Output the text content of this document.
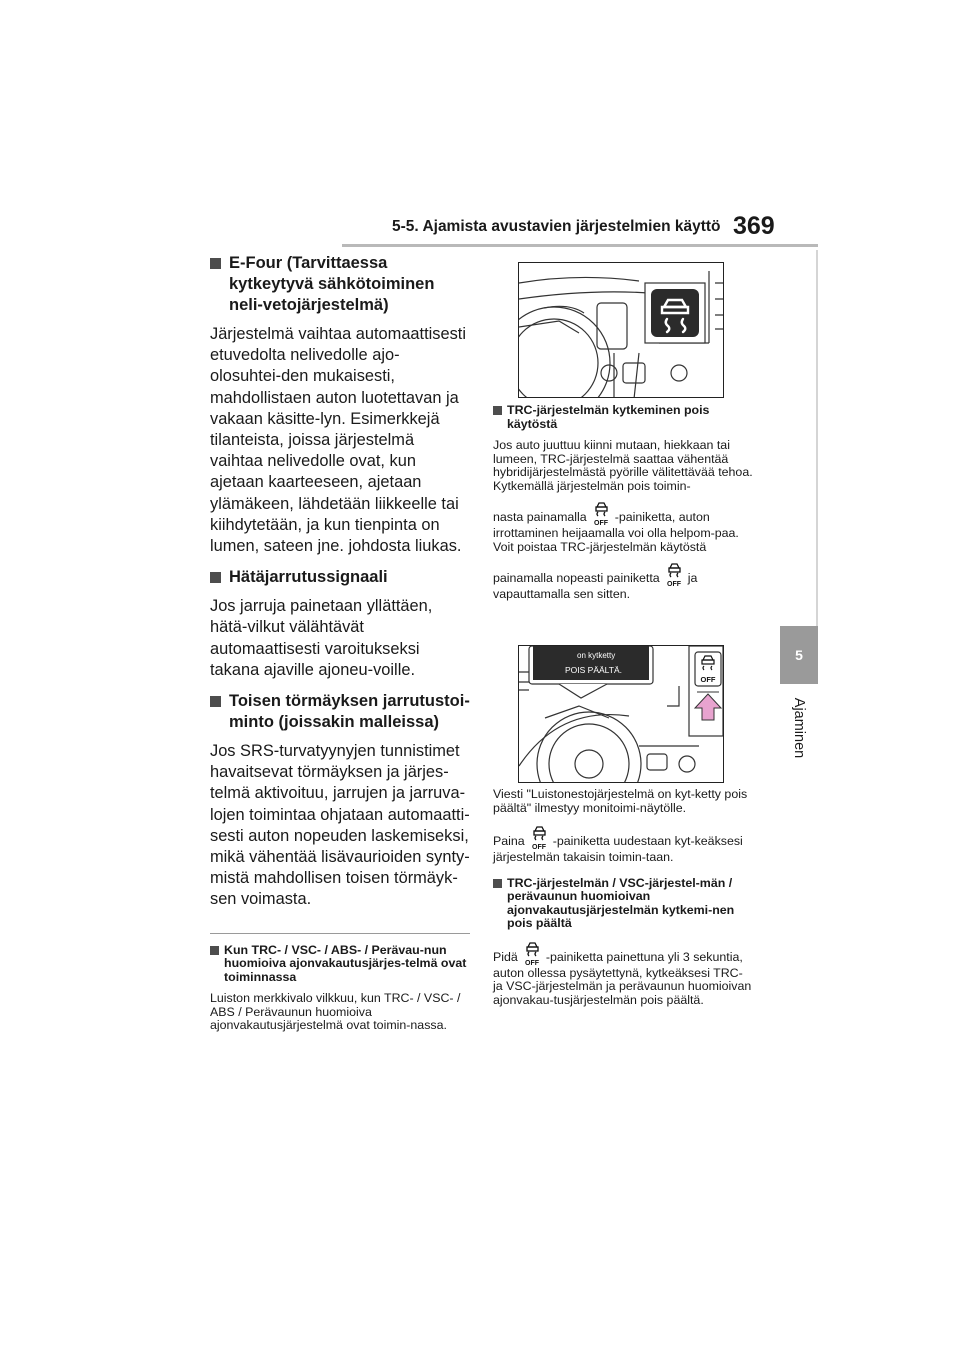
5-5. Ajamista avustavien järjestelmien käyttö 369
5
Ajaminen
E-Four (Tarvittaessa kytkeytyvä sähkötoiminen neli-vetojärjestelmä)

Järjestelmä vaihtaa automaattisesti etuvedolta nelivedolle ajo-olosuhtei-den mukaisesti, mahdollistaen auton luotettavan ja vakaan käsitte-lyn. Esimerkkejä tilanteista, joissa järjestelmä vaihtaa nelivedolle ovat, kun ajetaan kaarteeseen, ajetaan ylämäkeen, lähdetään liikkeelle tai kiihdytetään, ja kun tienpinta on lumen, sateen jne. johdosta liukas.

Hätäjarrutussignaali

Jos jarruja painetaan yllättäen, hätä-vilkut välähtävät automaattisesti varoitukseksi takana ajaville ajoneu-voille.

Toisen törmäyksen jarrutustoi-minto (joissakin malleissa)

Jos SRS-turvatyynyjen tunnistimet havaitsevat törmäyksen ja järjes-telmä aktivoituu, jarrujen ja jarruva-lojen toimintaa ohjataan automaatti-sesti auton nopeuden laskemiseksi, mikä vähentää lisävaurioiden synty-mistä mahdollisen toisen törmäyk-sen voimasta.

Kun TRC- / VSC- / ABS- / Perävau-nun huomioiva ajonvakautusjärjes-telmä ovat toiminnassa

Luiston merkkivalo vilkkuu, kun TRC- / VSC- / ABS / Perävaunun huomioiva ajonvakautusjärjestelmä ovat toimin-nassa.

TRC-järjestelmän kytkeminen pois käytöstä

Jos auto juuttuu kiinni mutaan, hiekkaan tai lumeen, TRC-järjestelmä saattaa vähentää hybridijärjestelmästä pyörille välitettävää tehoa.

Kytkemällä järjestelmän pois toimin-

nasta painamalla OFF -painiketta, auton irrottaminen heijaamalla voi olla helpom-paa.

Voit poistaa TRC-järjestelmän käytöstä

painamalla nopeasti painiketta OFF ja vapauttamalla sen sitten.

Viesti "Luistonestojärjestelmä on kyt-ketty pois päältä" ilmestyy monitoimi-näytölle.

Paina OFF -painiketta uudestaan kyt-keäksesi järjestelmän takaisin toimin-taan.

TRC-järjestelmän / VSC-järjestel-män / perävaunun huomioivan ajonvakautusjärjestelmän kytkemi-nen pois päältä

Pidä OFF -painiketta painettuna yli 3 sekuntia, auton ollessa pysäytettynä, kytkeäksesi TRC- ja VSC-järjestelmän ja perävaunun huomioivan ajonvakau-tusjärjestelmän pois päältä.

on kytketty
POIS PÄÄLTÄ.
OFF
